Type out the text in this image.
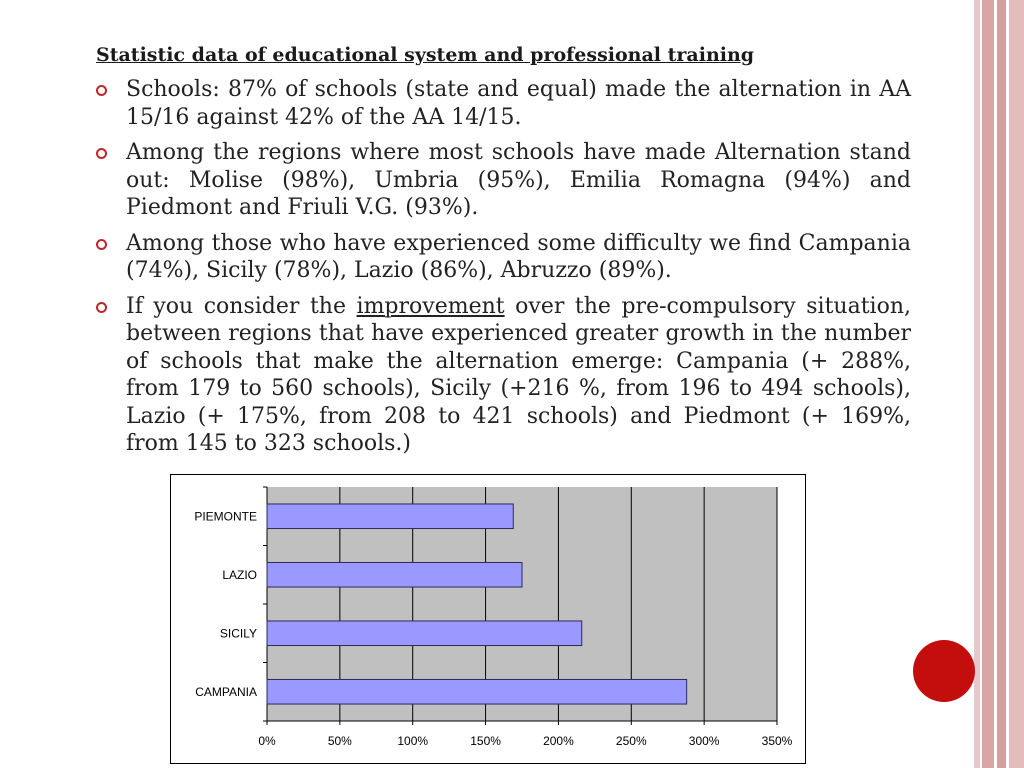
Statistic data of educational system and professional training
Schools: 87% of schools (state and equal) made the alternation in AA 15/16 against 42% of the AA 14/15.
Among the regions where most schools have made Alternation stand out: Molise (98%), Umbria (95%), Emilia Romagna (94%) and Piedmont and Friuli V.G. (93%).
Among those who have experienced some difficulty we find Campania (74%), Sicily (78%), Lazio (86%), Abruzzo (89%).
If you consider the improvement over the pre-compulsory situation, between regions that have experienced greater growth in the number of schools that make the alternation emerge: Campania (+ 288%, from 179 to 560 schools), Sicily (+216 %, from 196 to 494 schools), Lazio (+ 175%, from 208 to 421 schools) and Piedmont (+ 169%, from 145 to 323 schools.)
0%	50%	100%	150%	200%	250%	300%	350%
PIEMONTE
LAZIO
SICILY
CAMPANIA
